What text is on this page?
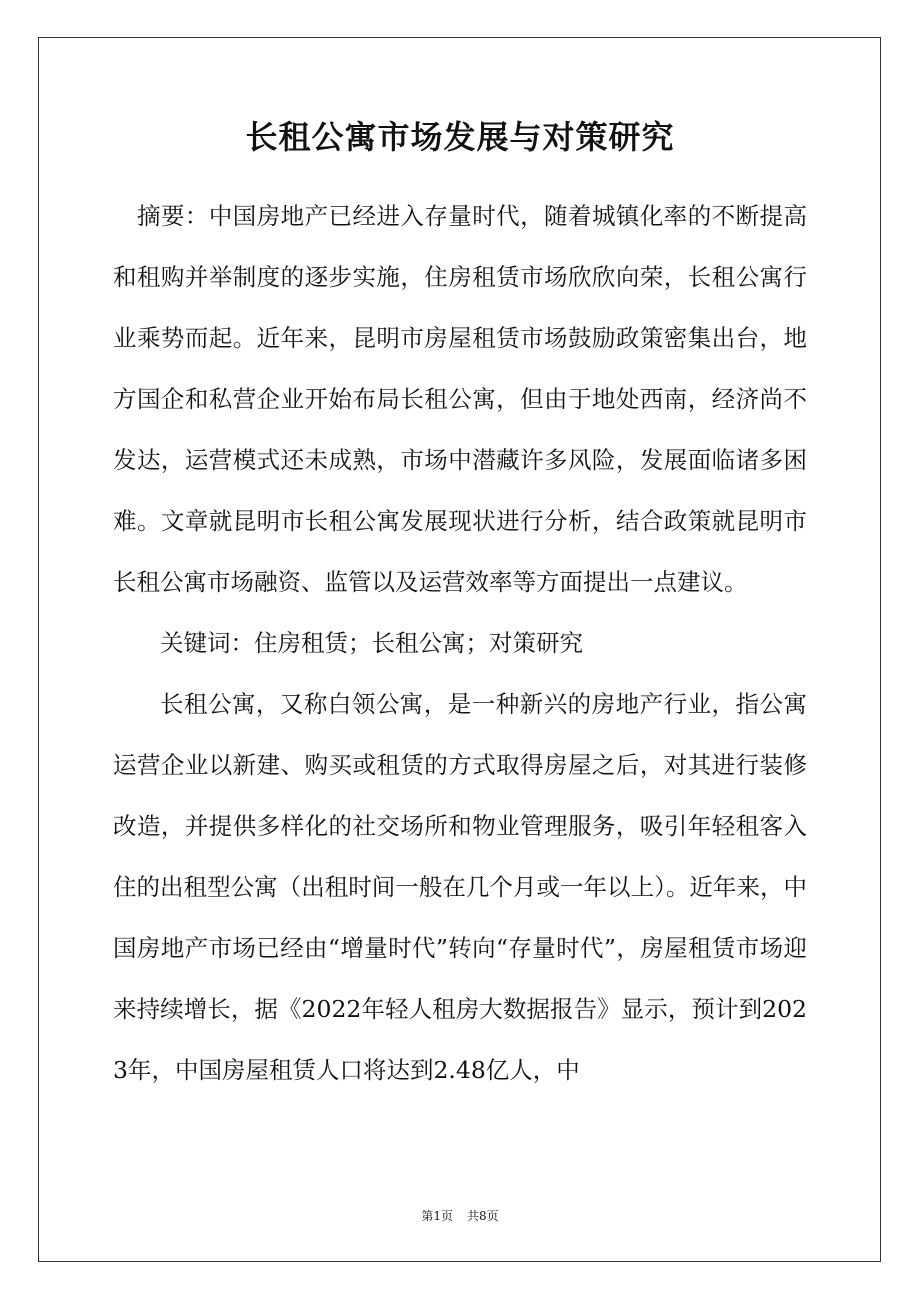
长租公寓市场发展与对策研究

摘要：中国房地产已经进入存量时代，随着城镇化率的不断提高和租购并举制度的逐步实施，住房租赁市场欣欣向荣，长租公寓行业乘势而起。近年来，昆明市房屋租赁市场鼓励政策密集出台，地方国企和私营企业开始布局长租公寓，但由于地处西南，经济尚不发达，运营模式还未成熟，市场中潜藏许多风险，发展面临诸多困难。文章就昆明市长租公寓发展现状进行分析，结合政策就昆明市长租公寓市场融资、监管以及运营效率等方面提出一点建议。

关键词：住房租赁；长租公寓；对策研究

长租公寓，又称白领公寓，是一种新兴的房地产行业，指公寓运营企业以新建、购买或租赁的方式取得房屋之后，对其进行装修改造，并提供多样化的社交场所和物业管理服务，吸引年轻租客入住的出租型公寓（出租时间一般在几个月或一年以上）。近年来，中国房地产市场已经由“增量时代”转向“存量时代”，房屋租赁市场迎来持续增长，据《2022年轻人租房大数据报告》显示，预计到2023年，中国房屋租赁人口将达到2.48亿人，中

第1页 共8页
